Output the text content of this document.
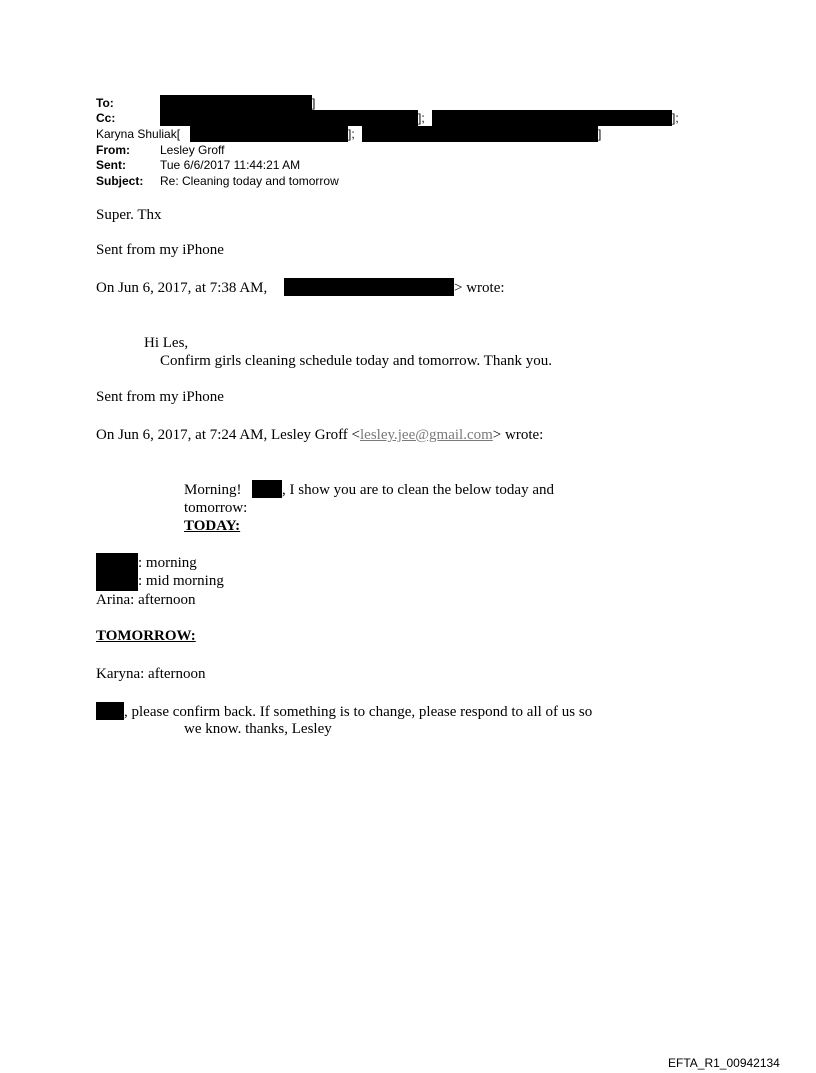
To:	]
Cc:	];	];
Karyna Shuliak[	];	]
From:	Lesley Groff
Sent:	Tue 6/6/2017 11:44:21 AM
Subject: Re: Cleaning today and tomorrow
Super. Thx
Sent from my iPhone
On Jun 6, 2017, at 7:38 AM,	> wrote:
Hi Les,
Confirm girls cleaning schedule today and tomorrow. Thank you.
Sent from my iPhone
On Jun 6, 2017, at 7:24 AM, Lesley Groff <lesley.jee@gmail.com> wrote:
Morning!	, I show you are to clean the below today and
tomorrow:
TODAY:
: morning
: mid morning
Arina: afternoon
TOMORROW:
Karyna: afternoon
, please confirm back. If something is to change, please respond to all of us so
we know. thanks, Lesley
EFTA_R1_00942134
